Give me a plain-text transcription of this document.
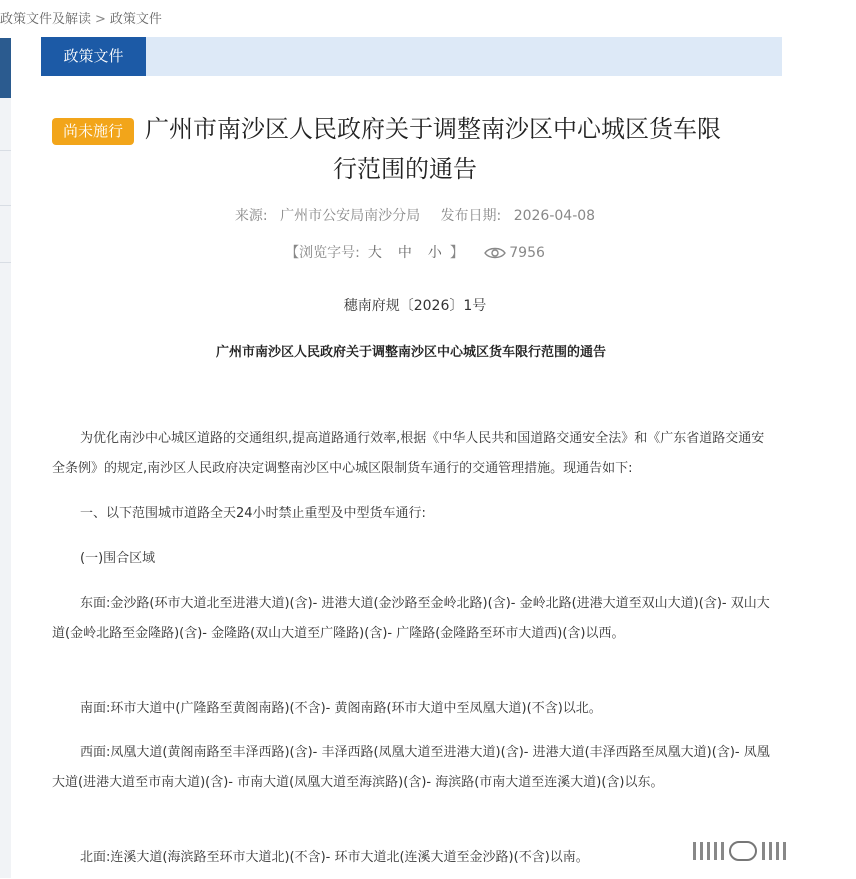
政策文件及解读 > 政策文件
政策文件
尚未施行 广州市南沙区人民政府关于调整南沙区中心城区货车限
行范围的通告
来源: 广州市公安局南沙分局 发布日期: 2026-04-08
【浏览字号: 大 中 小 】	7956
穗南府规〔2026〕1号
广州市南沙区人民政府关于调整南沙区中心城区货车限行范围的通告
为优化南沙中心城区道路的交通组织,提高道路通行效率,根据《中华人民共和国道路交通安全法》和《广东省道路交通安全条例》的规定,南沙区人民政府决定调整南沙区中心城区限制货车通行的交通管理措施。现通告如下:
一、以下范围城市道路全天24小时禁止重型及中型货车通行:
(一)围合区域
东面:金沙路(环市大道北至进港大道)(含)- 进港大道(金沙路至金岭北路)(含)- 金岭北路(进港大道至双山大道)(含)- 双山大道(金岭北路至金隆路)(含)- 金隆路(双山大道至广隆路)(含)- 广隆路(金隆路至环市大道西)(含)以西。
南面:环市大道中(广隆路至黄阁南路)(不含)- 黄阁南路(环市大道中至凤凰大道)(不含)以北。
西面:凤凰大道(黄阁南路至丰泽西路)(含)- 丰泽西路(凤凰大道至进港大道)(含)- 进港大道(丰泽西路至凤凰大道)(含)- 凤凰大道(进港大道至市南大道)(含)- 市南大道(凤凰大道至海滨路)(含)- 海滨路(市南大道至连溪大道)(含)以东。
北面:连溪大道(海滨路至环市大道北)(不含)- 环市大道北(连溪大道至金沙路)(不含)以南。
